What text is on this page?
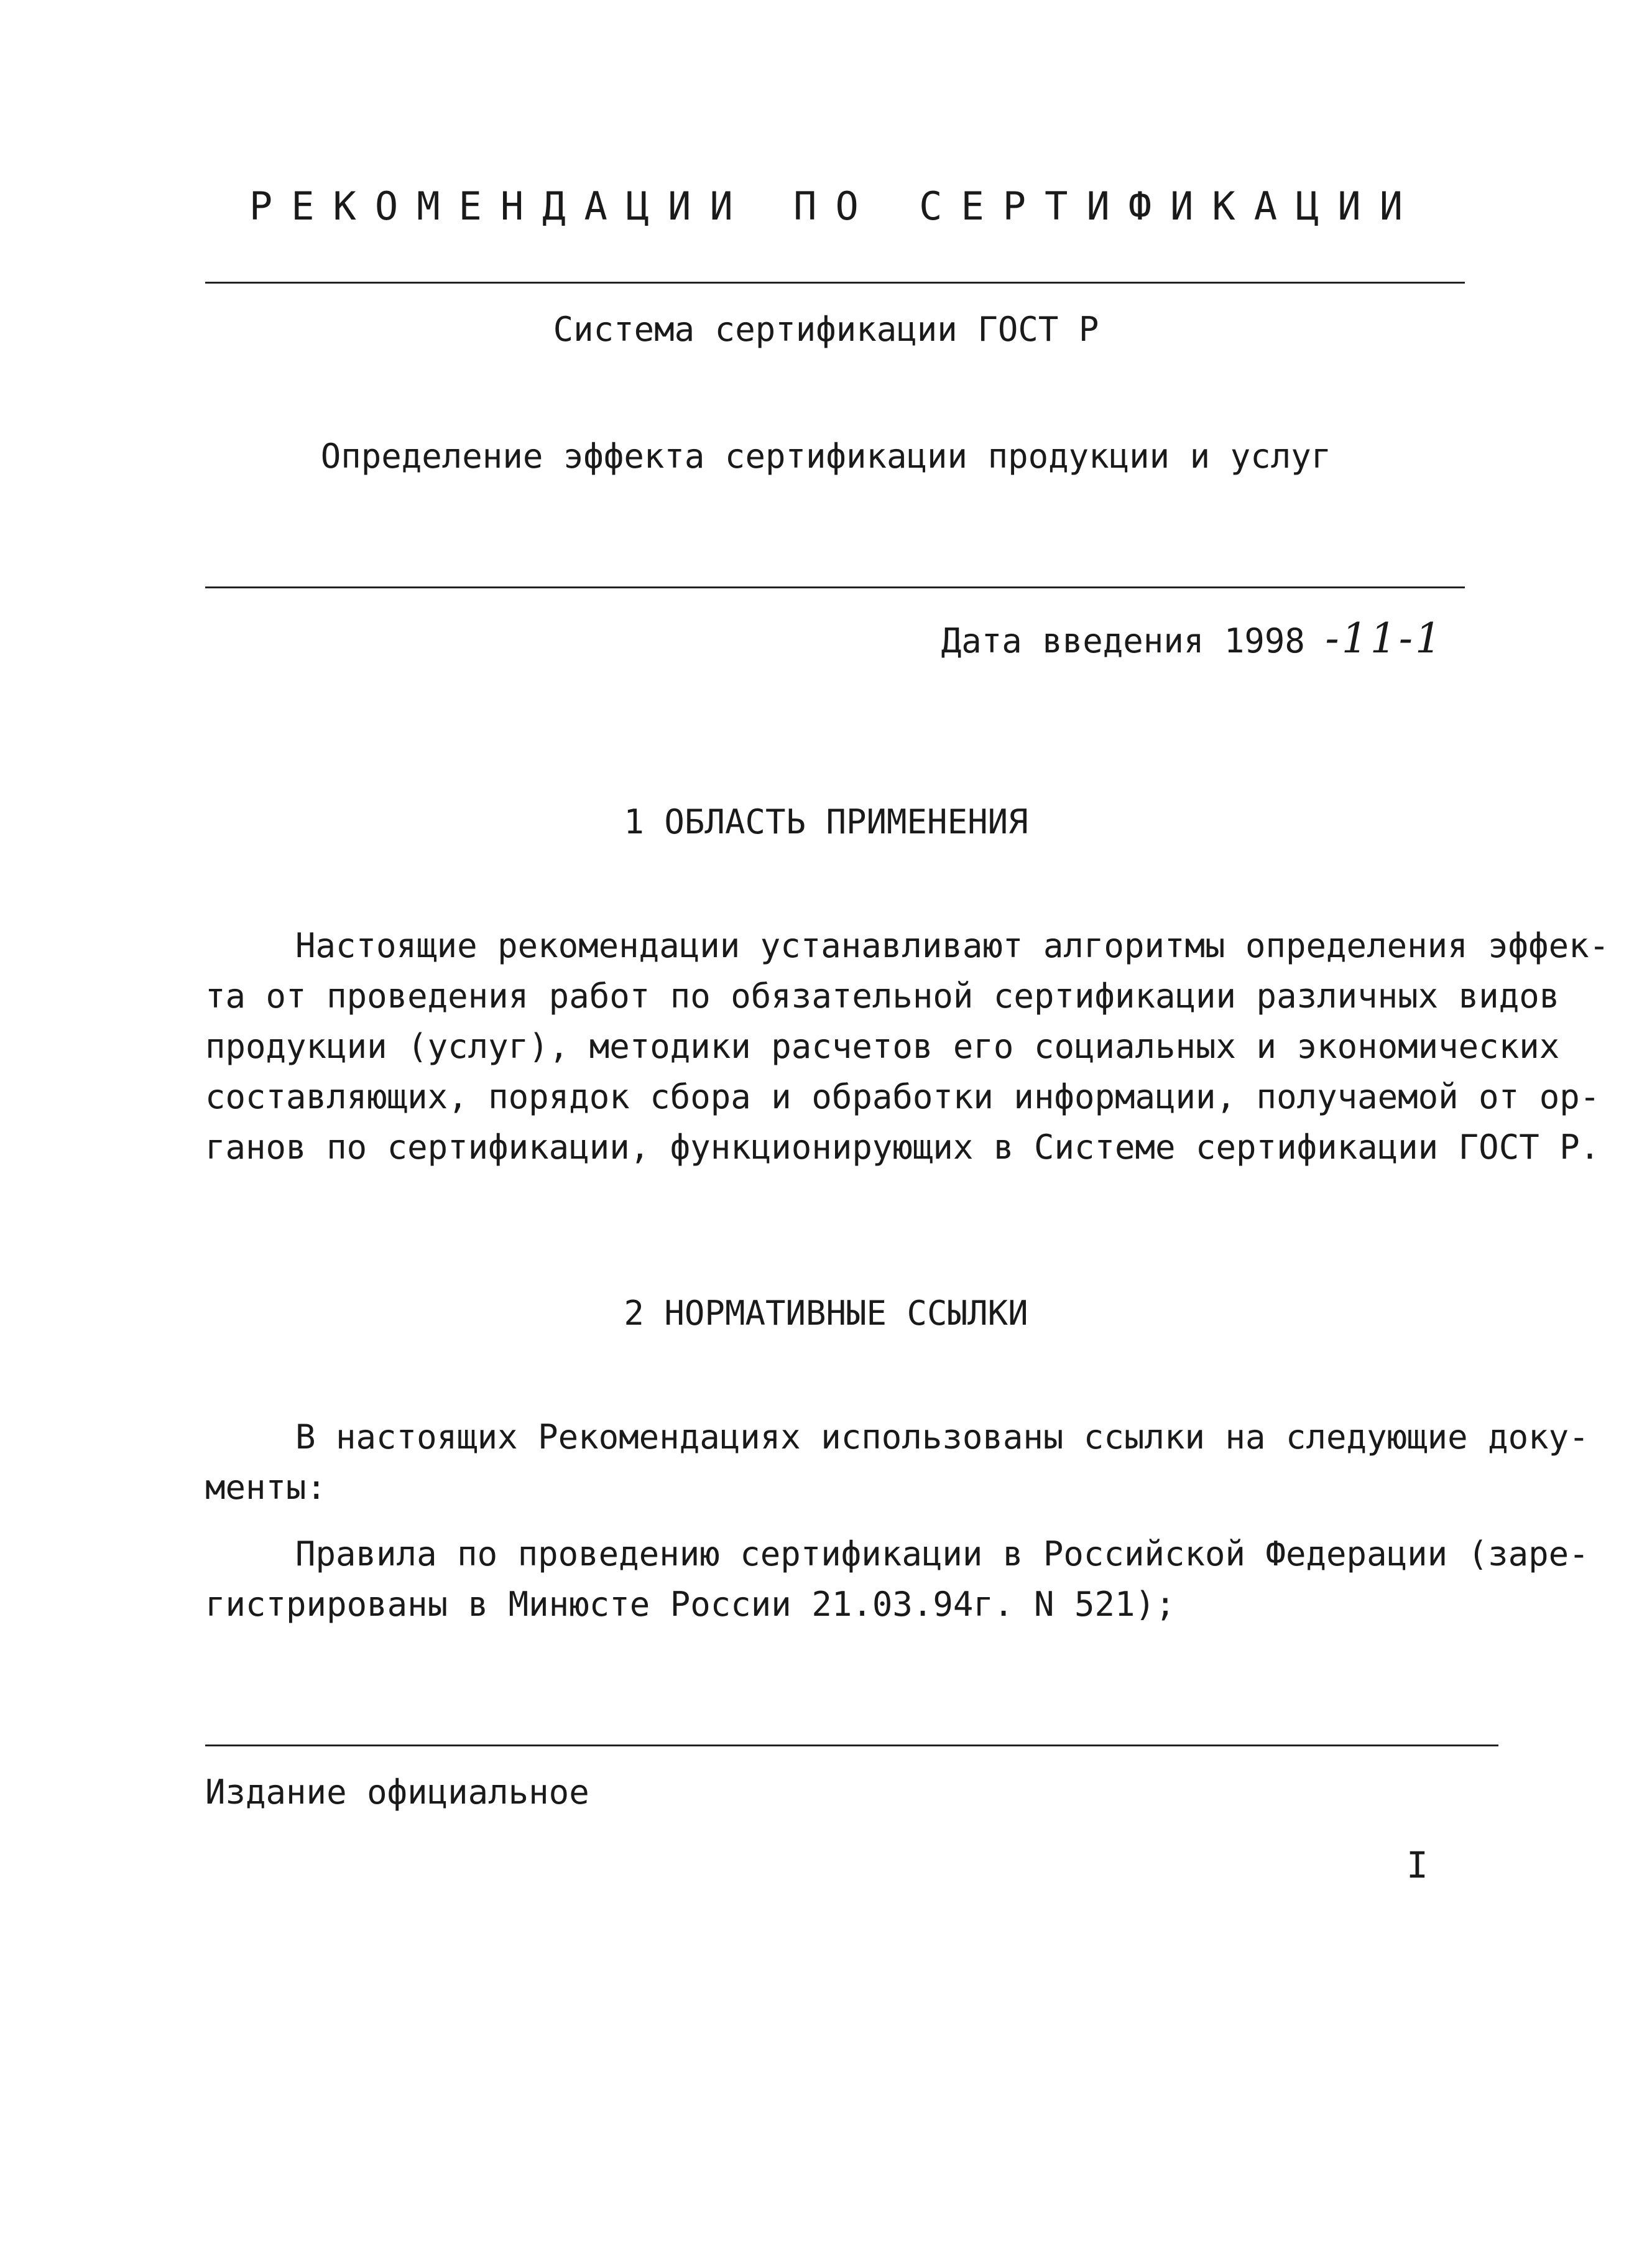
РЕКОМЕНДАЦИИ ПО СЕРТИФИКАЦИИ
Система сертификации ГОСТ Р
Определение эффекта сертификации продукции и услуг
Дата введения 1998 -11-1
1 ОБЛАСТЬ ПРИМЕНЕНИЯ
Настоящие рекомендации устанавливают алгоритмы определения эффек-
та от проведения работ по обязательной сертификации различных видов
продукции (услуг), методики расчетов его социальных и экономических
составляющих, порядок сбора и обработки информации, получаемой от ор-
ганов по сертификации, функционирующих в Системе сертификации ГОСТ Р.
2 НОРМАТИВНЫЕ ССЫЛКИ
В настоящих Рекомендациях использованы ссылки на следующие доку-
менты:
Правила по проведению сертификации в Российской Федерации (заре-
гистрированы в Минюсте России 21.03.94г. N 521);
Издание официальное
I
